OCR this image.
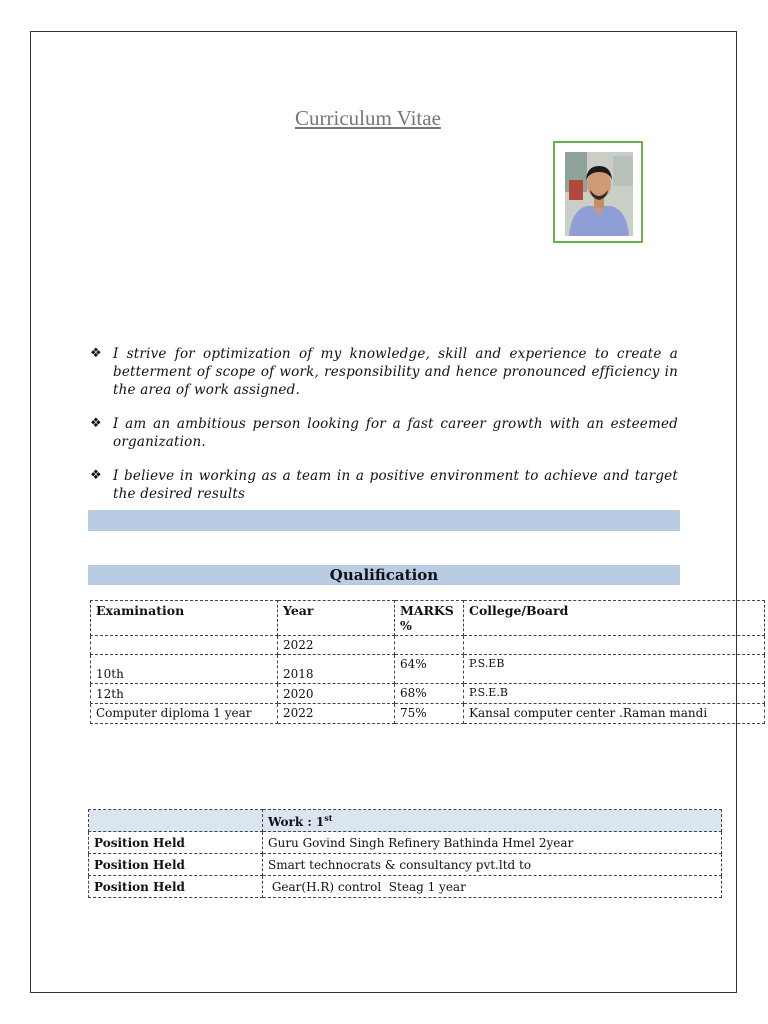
Curriculum Vitae
❖ I strive for optimization of my knowledge, skill and experience to create a betterment of scope of work, responsibility and hence pronounced efficiency in the area of work assigned.
❖ I am an ambitious person looking for a fast career growth with an esteemed organization.
❖ I believe in working as a team in a positive environment to achieve and target the desired results
Qualification
Examination	Year	MARKS %	College/Board
	2022		
10th	2018	64%	P.S.EB
12th	2020	68%	P.S.E.B
Computer diploma 1 year	2022	75%	Kansal computer center .Raman mandi
	Work : 1st
Position Held	Guru Govind Singh Refinery Bathinda Hmel 2year
Position Held	Smart technocrats & consultancy pvt.ltd to
Position Held	Gear(H.R) control  Steag 1 year
